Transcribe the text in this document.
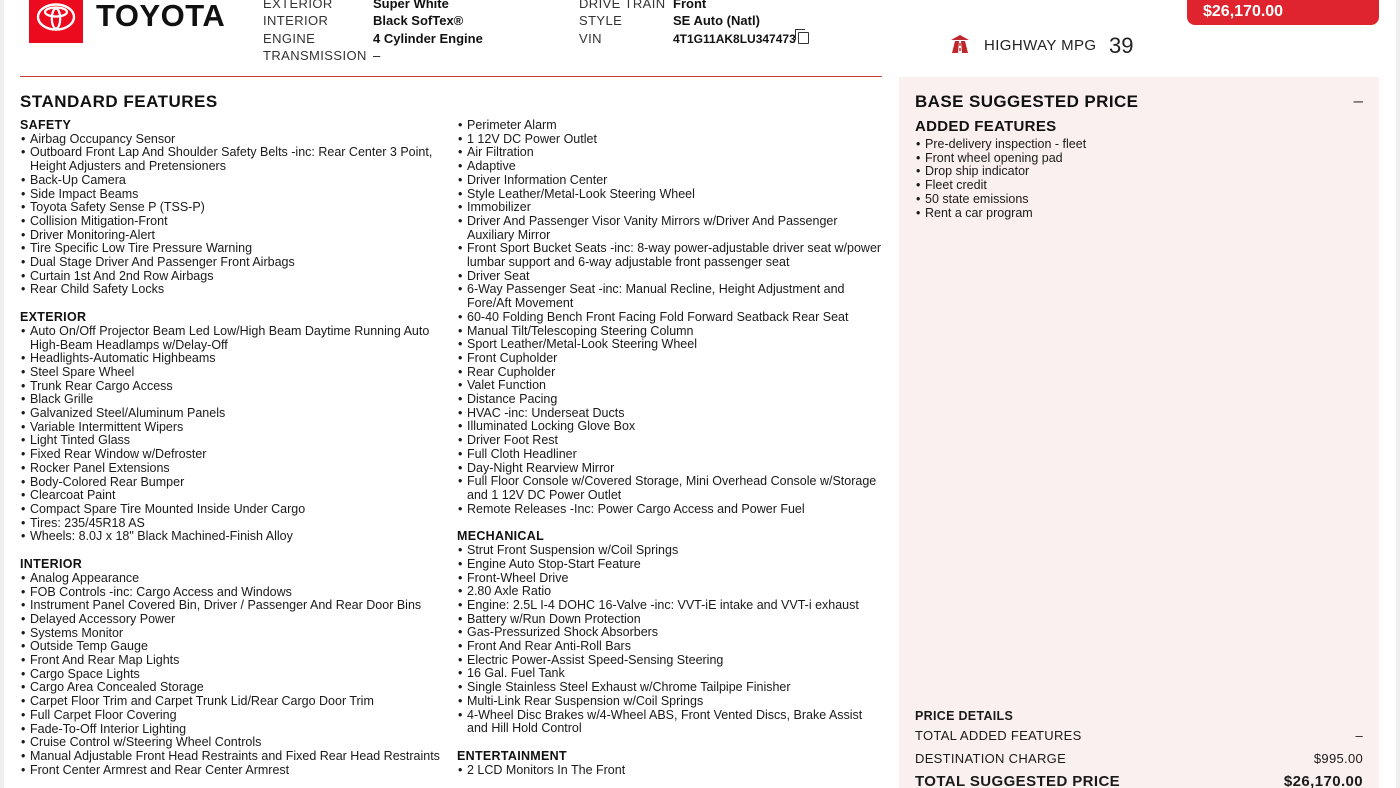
TOYOTA	EXTERIOR	Super White
INTERIOR	Black SofTex®
ENGINE	4 Cylinder Engine
TRANSMISSION –
DRIVE TRAIN Front
STYLE	SE Auto (Natl)
VIN	4T1G11AK8LU347473	HIGHWAY MPG 39
$26,170.00
STANDARD FEATURES
SAFETY
• Airbag Occupancy Sensor
• Outboard Front Lap And Shoulder Safety Belts -inc: Rear Center 3 Point, Height Adjusters and Pretensioners
• Back-Up Camera
• Side Impact Beams
• Toyota Safety Sense P (TSS-P)
• Collision Mitigation-Front
• Driver Monitoring-Alert
• Tire Specific Low Tire Pressure Warning
• Dual Stage Driver And Passenger Front Airbags
• Curtain 1st And 2nd Row Airbags
• Rear Child Safety Locks
EXTERIOR
• Auto On/Off Projector Beam Led Low/High Beam Daytime Running Auto High-Beam Headlamps w/Delay-Off
• Headlights-Automatic Highbeams
• Steel Spare Wheel
• Trunk Rear Cargo Access
• Black Grille
• Galvanized Steel/Aluminum Panels
• Variable Intermittent Wipers
• Light Tinted Glass
• Fixed Rear Window w/Defroster
• Rocker Panel Extensions
• Body-Colored Rear Bumper
• Clearcoat Paint
• Compact Spare Tire Mounted Inside Under Cargo
• Tires: 235/45R18 AS
• Wheels: 8.0J x 18" Black Machined-Finish Alloy
INTERIOR
• Analog Appearance
• FOB Controls -inc: Cargo Access and Windows
• Instrument Panel Covered Bin, Driver / Passenger And Rear Door Bins
• Delayed Accessory Power
• Systems Monitor
• Outside Temp Gauge
• Front And Rear Map Lights
• Cargo Space Lights
• Cargo Area Concealed Storage
• Carpet Floor Trim and Carpet Trunk Lid/Rear Cargo Door Trim
• Full Carpet Floor Covering
• Fade-To-Off Interior Lighting
• Cruise Control w/Steering Wheel Controls
• Manual Adjustable Front Head Restraints and Fixed Rear Head Restraints
• Front Center Armrest and Rear Center Armrest
• Perimeter Alarm
• 1 12V DC Power Outlet
• Air Filtration
• Adaptive
• Driver Information Center
• Style Leather/Metal-Look Steering Wheel
• Immobilizer
• Driver And Passenger Visor Vanity Mirrors w/Driver And Passenger Auxiliary Mirror
• Front Sport Bucket Seats -inc: 8-way power-adjustable driver seat w/power lumbar support and 6-way adjustable front passenger seat
• Driver Seat
• 6-Way Passenger Seat -inc: Manual Recline, Height Adjustment and Fore/Aft Movement
• 60-40 Folding Bench Front Facing Fold Forward Seatback Rear Seat
• Manual Tilt/Telescoping Steering Column
• Sport Leather/Metal-Look Steering Wheel
• Front Cupholder
• Rear Cupholder
• Valet Function
• Distance Pacing
• HVAC -inc: Underseat Ducts
• Illuminated Locking Glove Box
• Driver Foot Rest
• Full Cloth Headliner
• Day-Night Rearview Mirror
• Full Floor Console w/Covered Storage, Mini Overhead Console w/Storage and 1 12V DC Power Outlet
• Remote Releases -Inc: Power Cargo Access and Power Fuel
MECHANICAL
• Strut Front Suspension w/Coil Springs
• Engine Auto Stop-Start Feature
• Front-Wheel Drive
• 2.80 Axle Ratio
• Engine: 2.5L I-4 DOHC 16-Valve -inc: VVT-iE intake and VVT-i exhaust
• Battery w/Run Down Protection
• Gas-Pressurized Shock Absorbers
• Front And Rear Anti-Roll Bars
• Electric Power-Assist Speed-Sensing Steering
• 16 Gal. Fuel Tank
• Single Stainless Steel Exhaust w/Chrome Tailpipe Finisher
• Multi-Link Rear Suspension w/Coil Springs
• 4-Wheel Disc Brakes w/4-Wheel ABS, Front Vented Discs, Brake Assist and Hill Hold Control
ENTERTAINMENT
• 2 LCD Monitors In The Front
BASE SUGGESTED PRICE	–
ADDED FEATURES
• Pre-delivery inspection - fleet
• Front wheel opening pad
• Drop ship indicator
• Fleet credit
• 50 state emissions
• Rent a car program
PRICE DETAILS
TOTAL ADDED FEATURES	–
DESTINATION CHARGE	$995.00
TOTAL SUGGESTED PRICE	$26,170.00
